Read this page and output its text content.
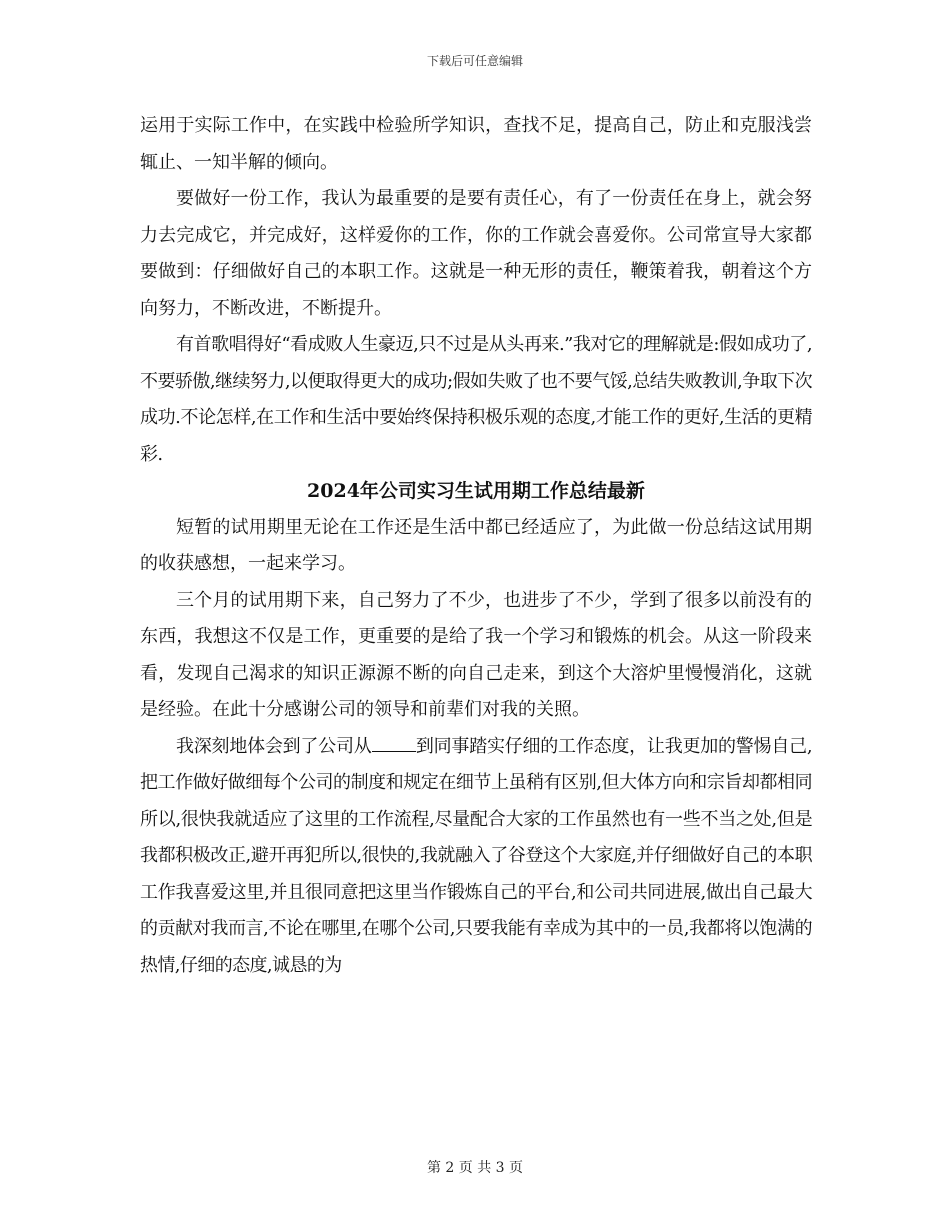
下载后可任意编辑

运用于实际工作中，在实践中检验所学知识，查找不足，提高自己，防止和克服浅尝辄止、一知半解的倾向。

要做好一份工作，我认为最重要的是要有责任心，有了一份责任在身上，就会努力去完成它，并完成好，这样爱你的工作，你的工作就会喜爱你。公司常宣导大家都要做到：仔细做好自己的本职工作。这就是一种无形的责任，鞭策着我，朝着这个方向努力，不断改进，不断提升。

有首歌唱得好“看成败人生豪迈,只不过是从头再来.”我对它的理解就是:假如成功了,不要骄傲,继续努力,以便取得更大的成功;假如失败了也不要气馁,总结失败教训,争取下次成功.不论怎样,在工作和生活中要始终保持积极乐观的态度,才能工作的更好,生活的更精彩.

2024年公司实习生试用期工作总结最新

短暂的试用期里无论在工作还是生活中都已经适应了，为此做一份总结这试用期的收获感想，一起来学习。

三个月的试用期下来，自己努力了不少，也进步了不少，学到了很多以前没有的东西，我想这不仅是工作，更重要的是给了我一个学习和锻炼的机会。从这一阶段来看，发现自己渴求的知识正源源不断的向自己走来，到这个大溶炉里慢慢消化，这就是经验。在此十分感谢公司的领导和前辈们对我的关照。

我深刻地体会到了公司从 到同事踏实仔细的工作态度，让我更加的警惕自己,把工作做好做细每个公司的制度和规定在细节上虽稍有区别,但大体方向和宗旨却都相同所以,很快我就适应了这里的工作流程,尽量配合大家的工作虽然也有一些不当之处,但是我都积极改正,避开再犯所以,很快的,我就融入了谷登这个大家庭,并仔细做好自己的本职工作我喜爱这里,并且很同意把这里当作锻炼自己的平台,和公司共同进展,做出自己最大的贡献对我而言,不论在哪里,在哪个公司,只要我能有幸成为其中的一员,我都将以饱满的热情,仔细的态度,诚恳的为

第 2 页 共 3 页
